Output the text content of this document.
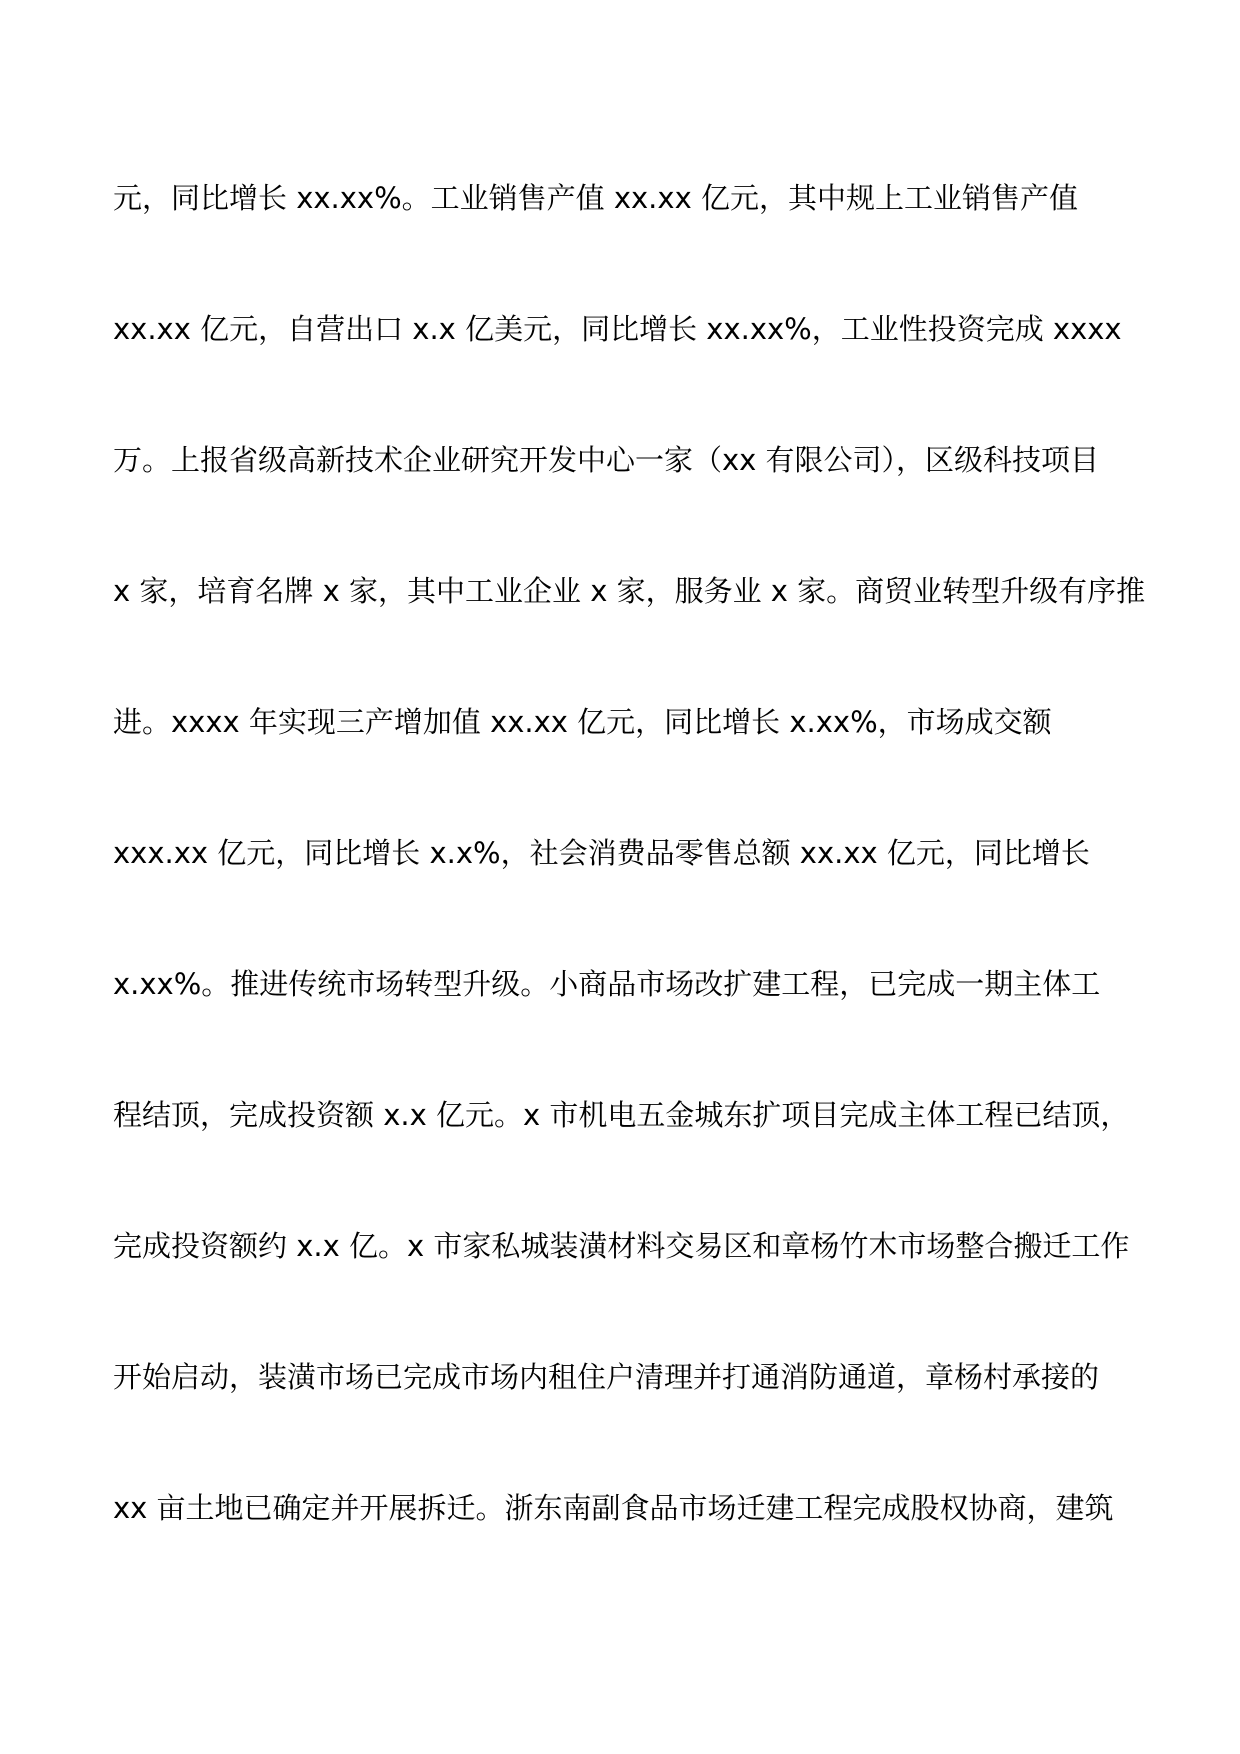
元，同比增长 xx.xx%。工业销售产值 xx.xx 亿元，其中规上工业销售产值
xx.xx 亿元，自营出口 x.x 亿美元，同比增长 xx.xx%，工业性投资完成 xxxx
万。上报省级高新技术企业研究开发中心一家（xx 有限公司），区级科技项目
x 家，培育名牌 x 家，其中工业企业 x 家，服务业 x 家。商贸业转型升级有序推
进。xxxx 年实现三产增加值 xx.xx 亿元，同比增长 x.xx%，市场成交额
xxx.xx 亿元，同比增长 x.x%，社会消费品零售总额 xx.xx 亿元，同比增长
x.xx%。推进传统市场转型升级。小商品市场改扩建工程，已完成一期主体工
程结顶，完成投资额 x.x 亿元。x 市机电五金城东扩项目完成主体工程已结顶，
完成投资额约 x.x 亿。x 市家私城装潢材料交易区和章杨竹木市场整合搬迁工作
开始启动，装潢市场已完成市场内租住户清理并打通消防通道，章杨村承接的
xx 亩土地已确定并开展拆迁。浙东南副食品市场迁建工程完成股权协商，建筑
